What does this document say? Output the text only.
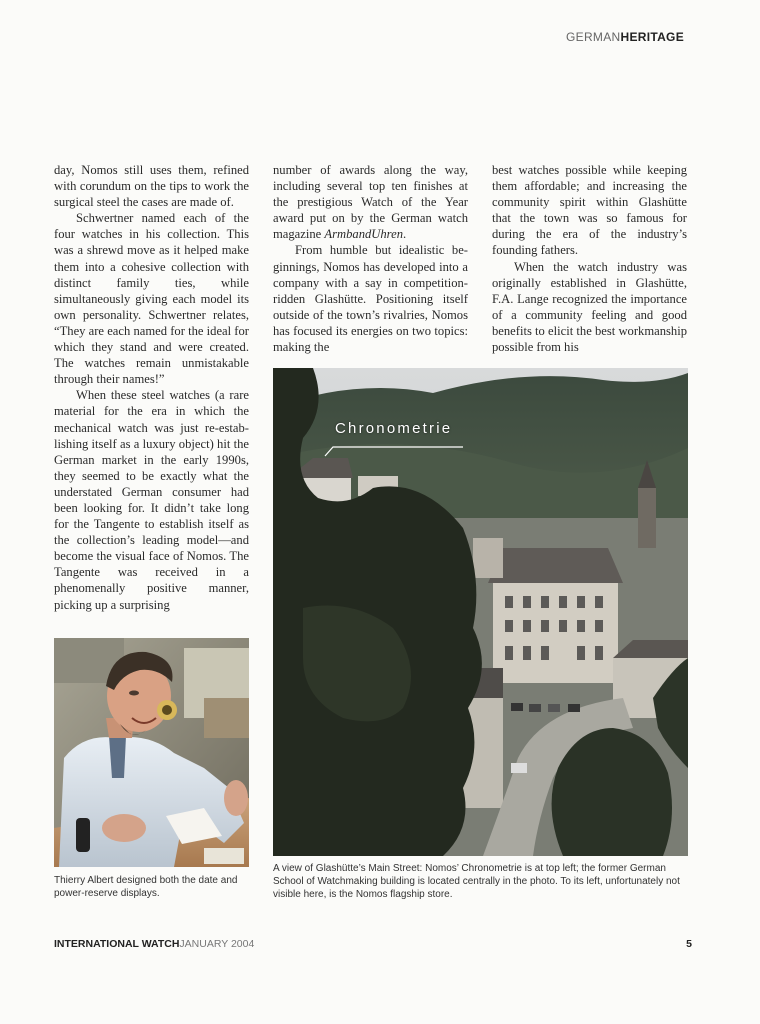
GERMANHERITAGE

day, Nomos still uses them, refined with corundum on the tips to work the surgical steel the cases are made of.

Schwertner named each of the four watches in his collection. This was a shrewd move as it helped make them into a cohesive collection with distinct family ties, while simultaneously giving each model its own personality. Schwertner relates, “They are each named for the ideal for which they stand and were created. The watches remain unmistakable through their names!”

When these steel watches (a rare material for the era in which the mechanical watch was just re-establishing itself as a luxury object) hit the German market in the early 1990s, they seemed to be exactly what the understated German consumer had been looking for. It didn’t take long for the Tangente to establish itself as the collection’s leading model—and become the visual face of Nomos. The Tangente was received in a phenomenally positive manner, picking up a surprising

number of awards along the way, including several top ten finishes at the prestigious Watch of the Year award put on by the German watch magazine ArmbandUhren.

From humble but idealistic beginnings, Nomos has developed into a company with a say in competition-ridden Glashütte. Positioning itself outside of the town’s rivalries, Nomos has focused its energies on two topics: making the

best watches possible while keeping them affordable; and increasing the community spirit within Glashütte that the town was so famous for during the era of the industry’s founding fathers.

When the watch industry was originally established in Glashütte, F.A. Lange recognized the importance of a community feeling and good benefits to elicit the best workmanship possible from his

Thierry Albert designed both the date and power-reserve displays.
Chronometrie
A view of Glashütte’s Main Street: Nomos’ Chronometrie is at top left; the former German School of Watchmaking building is located centrally in the photo. To its left, unfortunately not visible here, is the Nomos flagship store.
INTERNATIONAL WATCHJANUARY 2004	5
